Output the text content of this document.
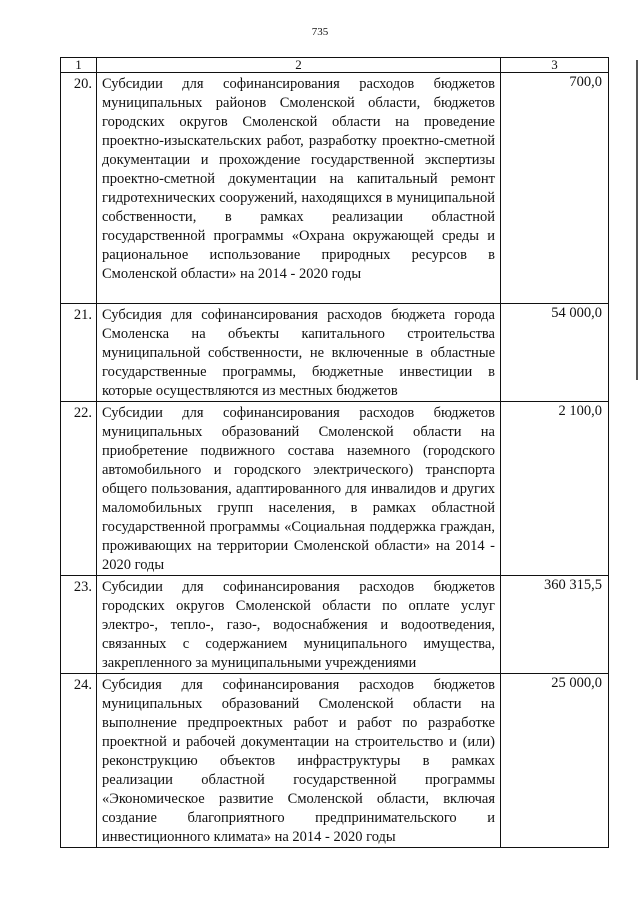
735
1	2	3
20.	Субсидии для софинансирования расходов бюджетов муниципальных районов Смоленской области, бюджетов городских округов Смоленской области на проведение проектно-изыскательских работ, разработку проектно-сметной документации и прохождение государственной экспертизы проектно-сметной документации на капитальный ремонт гидротехнических сооружений, находящихся в муниципальной собственности, в рамках реализации областной государственной программы «Охрана окружающей среды и рациональное использование природных ресурсов в Смоленской области» на 2014 - 2020 годы	700,0
21.	Субсидия для софинансирования расходов бюджета города Смоленска на объекты капитального строительства муниципальной собственности, не включенные в областные государственные программы, бюджетные инвестиции в которые осуществляются из местных бюджетов	54 000,0
22.	Субсидии для софинансирования расходов бюджетов муниципальных образований Смоленской области на приобретение подвижного состава наземного (городского автомобильного и городского электрического) транспорта общего пользования, адаптированного для инвалидов и других маломобильных групп населения, в рамках областной государственной программы «Социальная поддержка граждан, проживающих на территории Смоленской области» на 2014 - 2020 годы	2 100,0
23.	Субсидии для софинансирования расходов бюджетов городских округов Смоленской области по оплате услуг электро-, тепло-, газо-, водоснабжения и водоотведения, связанных с содержанием муниципального имущества, закрепленного за муниципальными учреждениями	360 315,5
24.	Субсидия для софинансирования расходов бюджетов муниципальных образований Смоленской области на выполнение предпроектных работ и работ по разработке проектной и рабочей документации на строительство и (или) реконструкцию объектов инфраструктуры в рамках реализации областной государственной программы «Экономическое развитие Смоленской области, включая создание благоприятного предпринимательского и инвестиционного климата» на 2014 - 2020 годы	25 000,0
